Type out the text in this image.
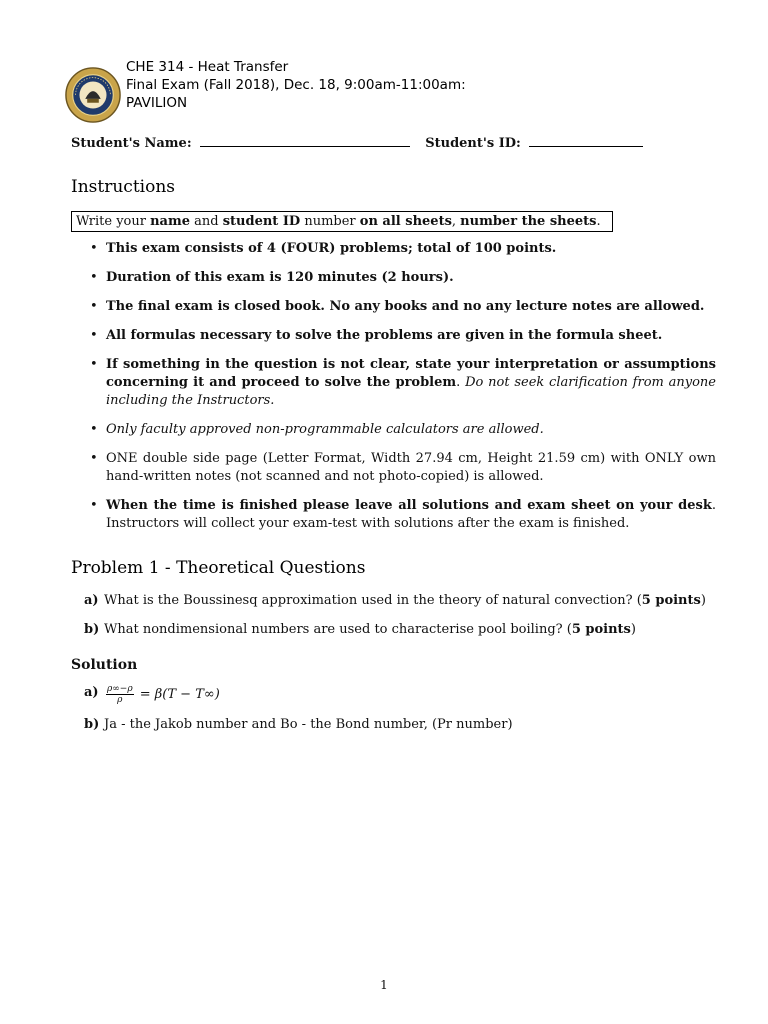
CHE 314 - Heat Transfer
Final Exam (Fall 2018), Dec. 18, 9:00am-11:00am:
PAVILION
Student's Name:	Student's ID:
Instructions
Write your name and student ID number on all sheets, number the sheets.
• This exam consists of 4 (FOUR) problems; total of 100 points.
• Duration of this exam is 120 minutes (2 hours).
• The final exam is closed book. No any books and no any lecture notes are allowed.
• All formulas necessary to solve the problems are given in the formula sheet.
• If something in the question is not clear, state your interpretation or assumptions concerning it and proceed to solve the problem. Do not seek clarification from anyone including the Instructors.
• Only faculty approved non-programmable calculators are allowed.
• ONE double side page (Letter Format, Width 27.94 cm, Height 21.59 cm) with ONLY own hand-written notes (not scanned and not photo-copied) is allowed.
• When the time is finished please leave all solutions and exam sheet on your desk. Instructors will collect your exam-test with solutions after the exam is finished.
Problem 1 - Theoretical Questions
a) What is the Boussinesq approximation used in the theory of natural convection? (5 points)
b) What nondimensional numbers are used to characterise pool boiling? (5 points)
Solution
$a) \frac{\rho\infty-\rho}{\rho} = \beta(T - T\infty)$
b) Ja - the Jakob number and Bo - the Bond number, (Pr number)
1
